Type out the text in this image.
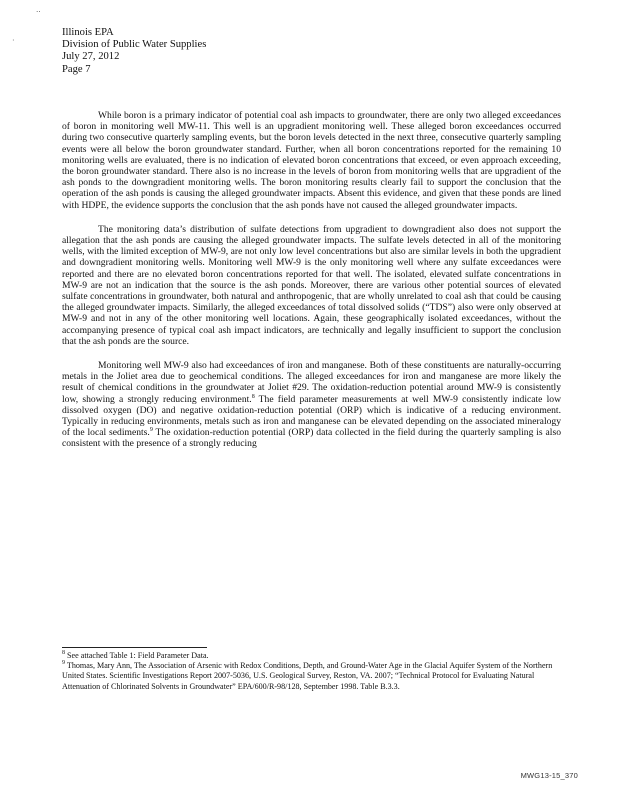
‥
·
Illinois EPA
Division of Public Water Supplies
July 27, 2012
Page 7

While boron is a primary indicator of potential coal ash impacts to groundwater, there are only two alleged exceedances of boron in monitoring well MW-11. This well is an upgradient monitoring well. These alleged boron exceedances occurred during two consecutive quarterly sampling events, but the boron levels detected in the next three, consecutive quarterly sampling events were all below the boron groundwater standard. Further, when all boron concentrations reported for the remaining 10 monitoring wells are evaluated, there is no indication of elevated boron concentrations that exceed, or even approach exceeding, the boron groundwater standard. There also is no increase in the levels of boron from monitoring wells that are upgradient of the ash ponds to the downgradient monitoring wells. The boron monitoring results clearly fail to support the conclusion that the operation of the ash ponds is causing the alleged groundwater impacts. Absent this evidence, and given that these ponds are lined with HDPE, the evidence supports the conclusion that the ash ponds have not caused the alleged groundwater impacts.

The monitoring data’s distribution of sulfate detections from upgradient to downgradient also does not support the allegation that the ash ponds are causing the alleged groundwater impacts. The sulfate levels detected in all of the monitoring wells, with the limited exception of MW-9, are not only low level concentrations but also are similar levels in both the upgradient and downgradient monitoring wells. Monitoring well MW-9 is the only monitoring well where any sulfate exceedances were reported and there are no elevated boron concentrations reported for that well. The isolated, elevated sulfate concentrations in MW-9 are not an indication that the source is the ash ponds. Moreover, there are various other potential sources of elevated sulfate concentrations in groundwater, both natural and anthropogenic, that are wholly unrelated to coal ash that could be causing the alleged groundwater impacts. Similarly, the alleged exceedances of total dissolved solids (“TDS”) also were only observed at MW-9 and not in any of the other monitoring well locations. Again, these geographically isolated exceedances, without the accompanying presence of typical coal ash impact indicators, are technically and legally insufficient to support the conclusion that the ash ponds are the source.

Monitoring well MW-9 also had exceedances of iron and manganese. Both of these constituents are naturally-occurring metals in the Joliet area due to geochemical conditions. The alleged exceedances for iron and manganese are more likely the result of chemical conditions in the groundwater at Joliet #29. The oxidation-reduction potential around MW-9 is consistently low, showing a strongly reducing environment.$^8$ The field parameter measurements at well MW-9 consistently indicate low dissolved oxygen (DO) and negative oxidation-reduction potential (ORP) which is indicative of a reducing environment. Typically in reducing environments, metals such as iron and manganese can be elevated depending on the associated mineralogy of the local sediments.$^9$ The oxidation-reduction potential (ORP) data collected in the field during the quarterly sampling is also consistent with the presence of a strongly reducing

$^8$ See attached Table 1: Field Parameter Data.
$^9$ Thomas, Mary Ann, The Association of Arsenic with Redox Conditions, Depth, and Ground-Water Age in the Glacial Aquifer System of the Northern United States. Scientific Investigations Report 2007-5036, U.S. Geological Survey, Reston, VA. 2007; “Technical Protocol for Evaluating Natural Attenuation of Chlorinated Solvents in Groundwater” EPA/600/R-98/128, September 1998. Table B.3.3.
MWG13-15_370
